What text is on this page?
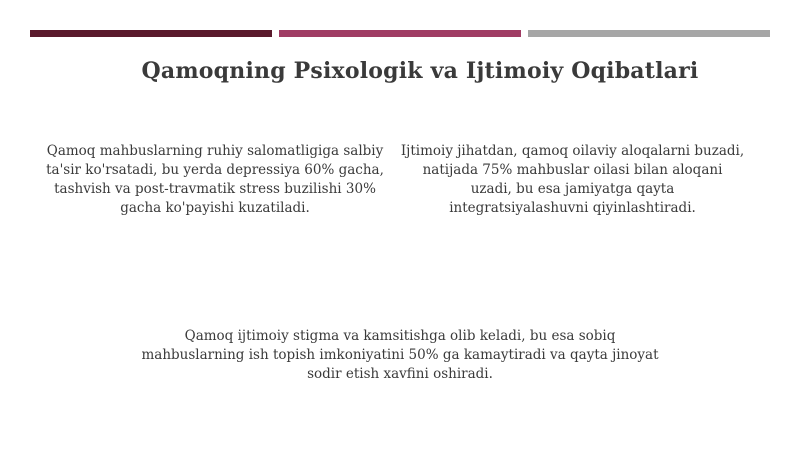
Qamoqning Psixologik va Ijtimoiy Oqibatlari
Qamoq mahbuslarning ruhiy salomatligiga salbiy ta'sir ko'rsatadi, bu yerda depressiya 60% gacha, tashvish va post-travmatik stress buzilishi 30% gacha ko'payishi kuzatiladi.
Ijtimoiy jihatdan, qamoq oilaviy aloqalarni buzadi, natijada 75% mahbuslar oilasi bilan aloqani uzadi, bu esa jamiyatga qayta integratsiyalashuvni qiyinlashtiradi.
Qamoq ijtimoiy stigma va kamsitishga olib keladi, bu esa sobiq mahbuslarning ish topish imkoniyatini 50% ga kamaytiradi va qayta jinoyat sodir etish xavfini oshiradi.
